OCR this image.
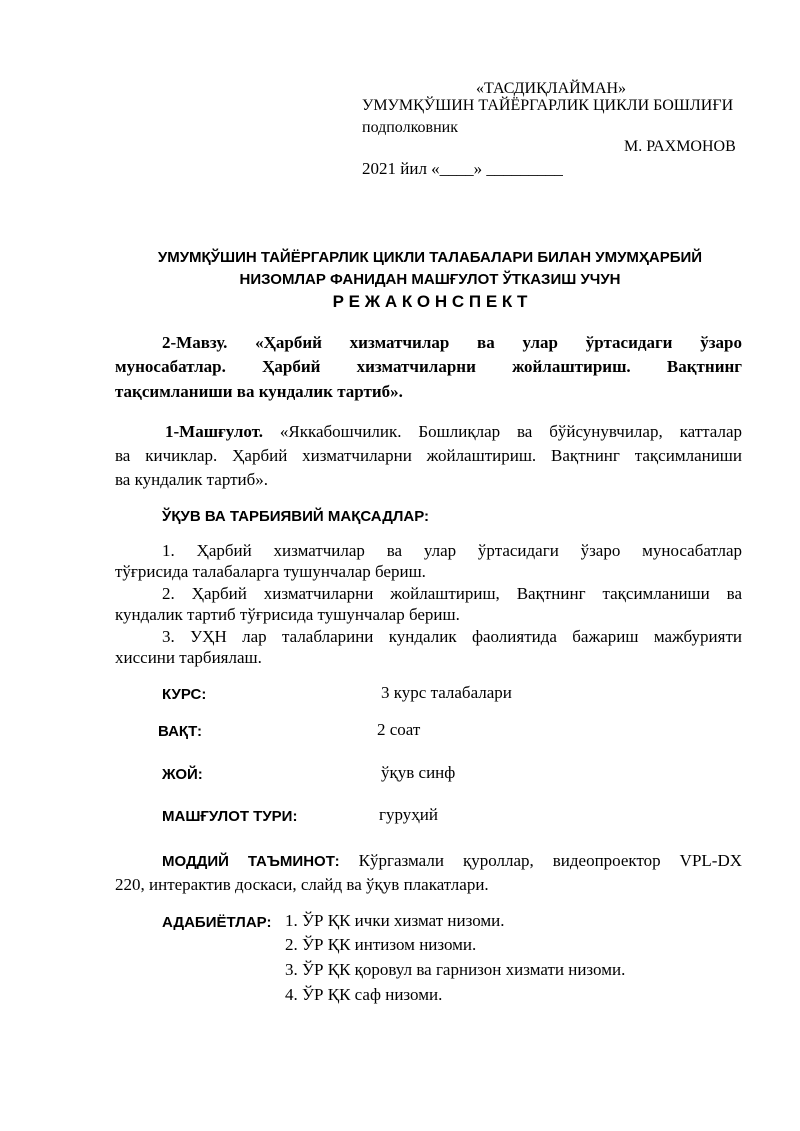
«ТАСДИҚЛАЙМАН»
УМУМҚЎШИН ТАЙЁРГАРЛИК ЦИКЛИ БОШЛИҒИ
подполковник
М. РАХМОНОВ
2021 йил «____» _________
УМУМҚЎШИН ТАЙЁРГАРЛИК ЦИКЛИ ТАЛАБАЛАРИ БИЛАН УМУМҲАРБИЙ
НИЗОМЛАР ФАНИДАН МАШҒУЛОТ ЎТКАЗИШ УЧУН
Р Е Ж А К О Н С П Е К Т
2-Мавзу. «Ҳарбий хизматчилар ва улар ўртасидаги ўзаро
муносабатлар. Ҳарбий хизматчиларни жойлаштириш. Вақтнинг
тақсимланиши ва кундалик тартиб».
1-Машғулот. «Яккабошчилик. Бошлиқлар ва бўйсунувчилар, катталар
ва кичиклар. Ҳарбий хизматчиларни жойлаштириш. Вақтнинг тақсимланиши
ва кундалик тартиб».
ЎҚУВ ВА ТАРБИЯВИЙ МАҚСАДЛАР:
1. Ҳарбий хизматчилар ва улар ўртасидаги ўзаро муносабатлар
тўғрисида талабаларга тушунчалар бериш.
2. Ҳарбий хизматчиларни жойлаштириш, Вақтнинг тақсимланиши ва
кундалик тартиб тўғрисида тушунчалар бериш.
3. УҲН лар талабларини кундалик фаолиятида бажариш мажбурияти
хиссини тарбиялаш.
КУРС:	3 курс талабалари
ВАҚТ:	2 соат
ЖОЙ:	ўқув синф
МАШҒУЛОТ ТУРИ:	гуруҳий
МОДДИЙ ТАЪМИНОТ: Кўргазмали қуроллар, видеопроектор VPL-DX
220, интерактив доскаси, слайд ва ўқув плакатлари.
АДАБИЁТЛАР: 1. ЎР ҚК ички хизмат низоми.
2. ЎР ҚК интизом низоми.
3. ЎР ҚК қоровул ва гарнизон хизмати низоми.
4. ЎР ҚК саф низоми.
